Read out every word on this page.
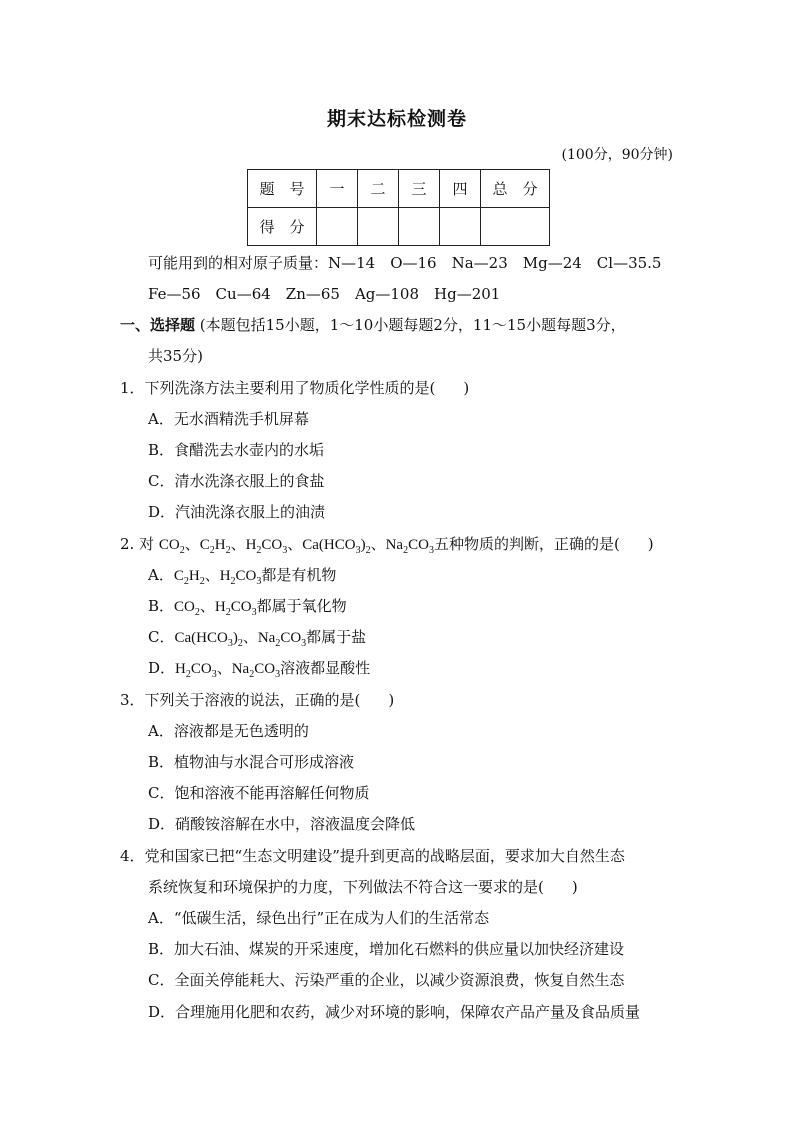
期末达标检测卷
(100分，90分钟)
题　号	一	二	三	四	总　分
得　分					
可能用到的相对原子质量：N—14　O—16　Na—23　Mg—24　Cl—35.5
Fe—56　Cu—64　Zn—65　Ag—108　Hg—201
一、选择题 (本题包括15小题，1～10小题每题2分，11～15小题每题3分，
共35分)
1．下列洗涤方法主要利用了物质化学性质的是( )
A．无水酒精洗手机屏幕
B．食醋洗去水壶内的水垢
C．清水洗涤衣服上的食盐
D．汽油洗涤衣服上的油渍
2. 对 $CO_2$、$C_2H_2$、$H_2CO_3$、$Ca(HCO_3)_2$、$Na_2CO_3$五种物质的判断，正确的是( )
A．$C_2H_2$、$H_2CO_3$都是有机物
B．$CO_2$、$H_2CO_3$都属于氧化物
C．$Ca(HCO_3)_2$、$Na_2CO_3$都属于盐
D．$H_2CO_3$、$Na_2CO_3$溶液都显酸性
3．下列关于溶液的说法，正确的是( )
A．溶液都是无色透明的
B．植物油与水混合可形成溶液
C．饱和溶液不能再溶解任何物质
D．硝酸铵溶解在水中，溶液温度会降低
4．党和国家已把“生态文明建设”提升到更高的战略层面，要求加大自然生态
系统恢复和环境保护的力度，下列做法不符合这一要求的是( )
A．“低碳生活，绿色出行”正在成为人们的生活常态
B．加大石油、煤炭的开采速度，增加化石燃料的供应量以加快经济建设
C．全面关停能耗大、污染严重的企业，以减少资源浪费，恢复自然生态
D．合理施用化肥和农药，减少对环境的影响，保障农产品产量及食品质量
